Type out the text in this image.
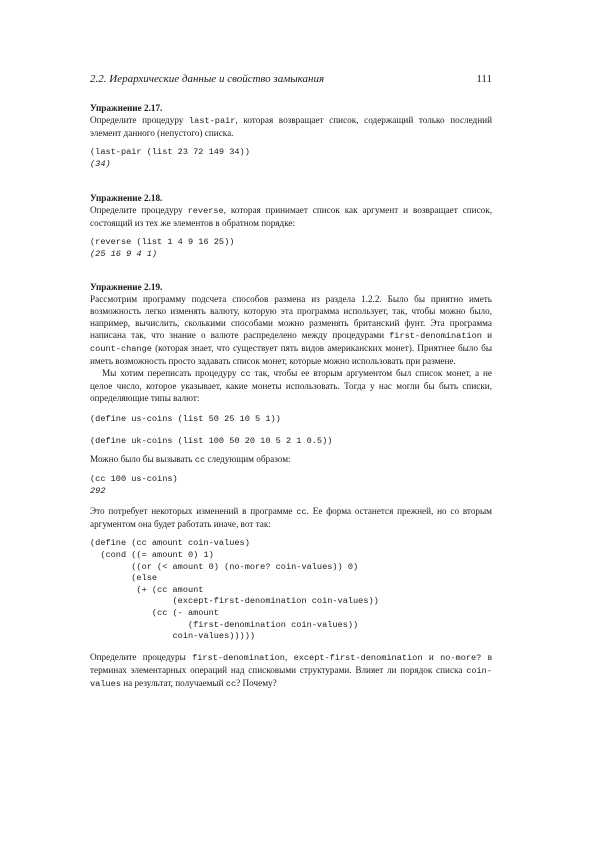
2.2. Иерархические данные и свойство замыкания	111

Упражнение 2.17.

Определите процедуру last-pair, которая возвращает список, содержащий только последний элемент данного (непустого) списка.

(last-pair (list 23 72 149 34))
(34)

Упражнение 2.18.

Определите процедуру reverse, которая принимает список как аргумент и возвращает список, состоящий из тех же элементов в обратном порядке:

(reverse (list 1 4 9 16 25))
(25 16 9 4 1)

Упражнение 2.19.

Рассмотрим программу подсчета способов размена из раздела 1.2.2. Было бы приятно иметь возможность легко изменять валюту, которую эта программа использует, так, чтобы можно было, например, вычислить, сколькими способами можно разменять британский фунт. Эта программа написана так, что знание о валюте распределено между процедурами first-denomination и count-change (которая знает, что существует пять видов американских монет). Приятнее было бы иметь возможность просто задавать список монет, которые можно использовать при размене.

Мы хотим переписать процедуру cc так, чтобы ее вторым аргументом был список монет, а не целое число, которое указывает, какие монеты использовать. Тогда у нас могли бы быть списки, определяющие типы валют:

(define us-coins (list 50 25 10 5 1))
(define uk-coins (list 100 50 20 10 5 2 1 0.5))

Можно было бы вызывать cc следующим образом:

(cc 100 us-coins)
292

Это потребует некоторых изменений в программе cc. Ее форма останется прежней, но со вторым аргументом она будет работать иначе, вот так:

(define (cc amount coin-values)
(cond ((= amount 0) 1)
((or (< amount 0) (no-more? coin-values)) 0)
(else
(+ (cc amount
(except-first-denomination coin-values))
(cc (- amount
(first-denomination coin-values))
coin-values)))))

Определите процедуры first-denomination, except-first-denomination и no-more? в терминах элементарных операций над списковыми структурами. Влияет ли порядок списка coin-values на результат, получаемый cc? Почему?
